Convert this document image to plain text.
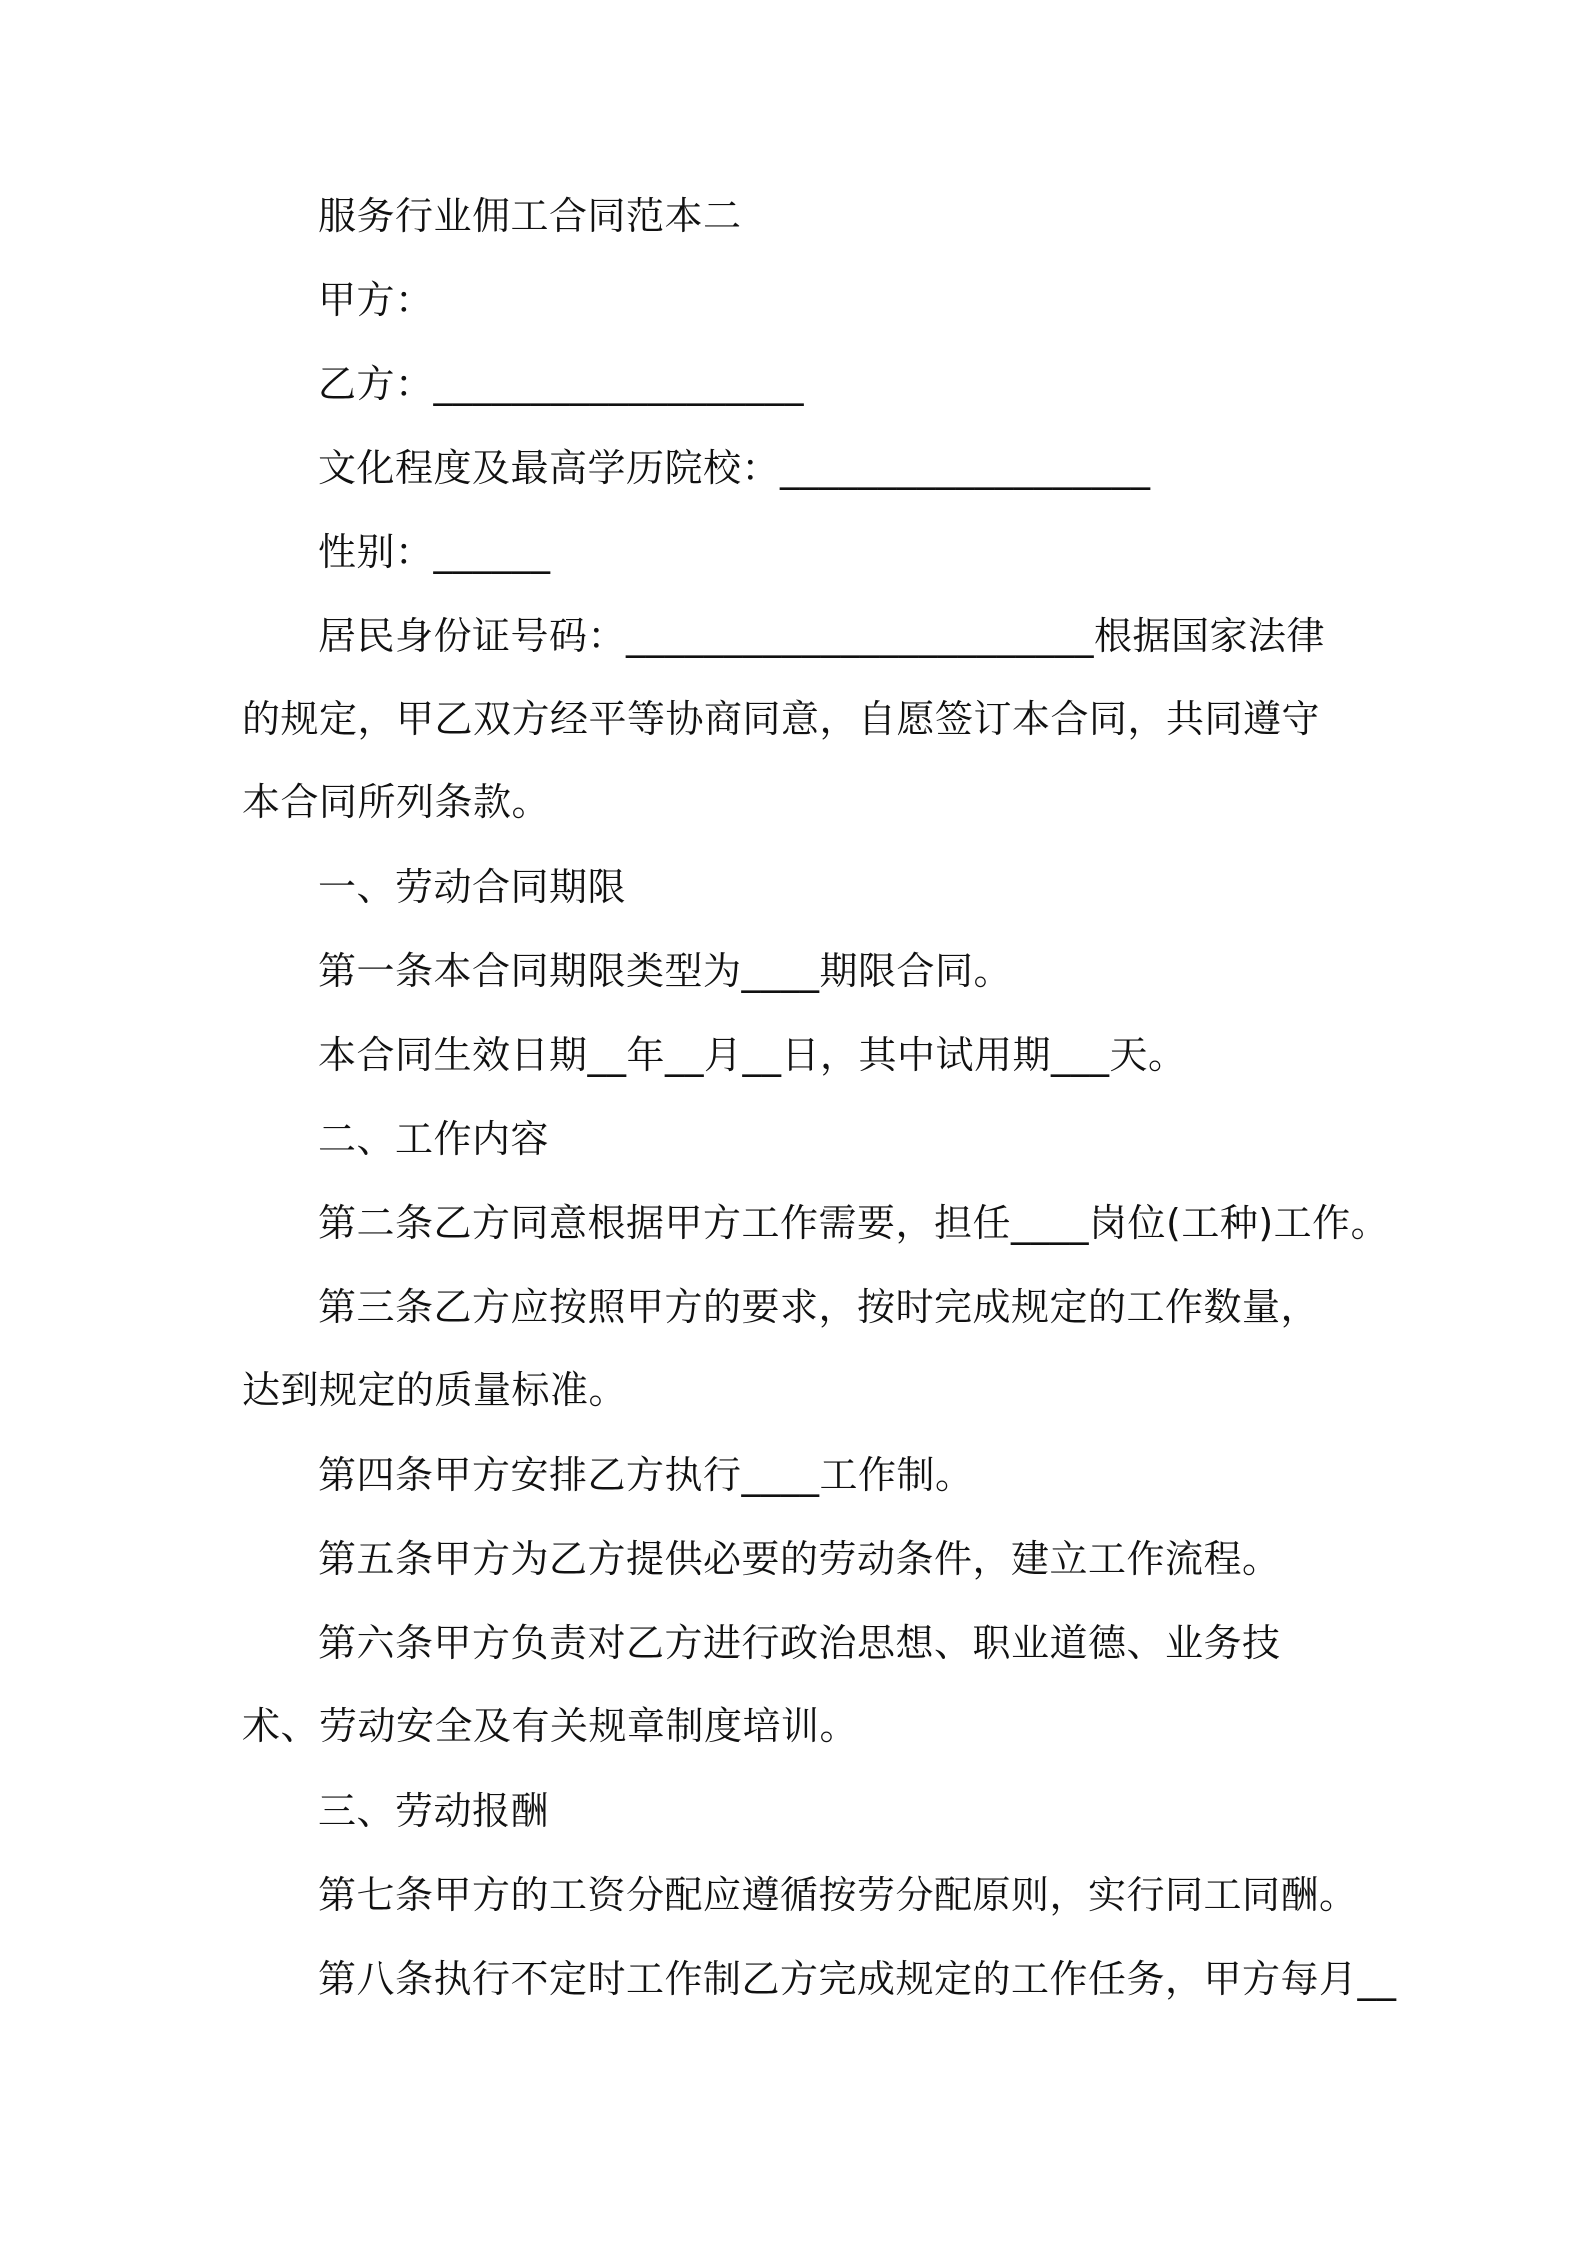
服务行业佣工合同范本二

甲方：

乙方：___________________

文化程度及最高学历院校：___________________

性别：______

居民身份证号码：________________________根据国家法律的规定，甲乙双方经平等协商同意，自愿签订本合同，共同遵守本合同所列条款。

一、劳动合同期限

第一条本合同期限类型为____期限合同。

本合同生效日期__年__月__日，其中试用期___天。

二、工作内容

第二条乙方同意根据甲方工作需要，担任____岗位(工种)工作。

第三条乙方应按照甲方的要求，按时完成规定的工作数量，达到规定的质量标准。

第四条甲方安排乙方执行____工作制。

第五条甲方为乙方提供必要的劳动条件，建立工作流程。

第六条甲方负责对乙方进行政治思想、职业道德、业务技术、劳动安全及有关规章制度培训。

三、劳动报酬

第七条甲方的工资分配应遵循按劳分配原则，实行同工同酬。

第八条执行不定时工作制乙方完成规定的工作任务，甲方每月__
